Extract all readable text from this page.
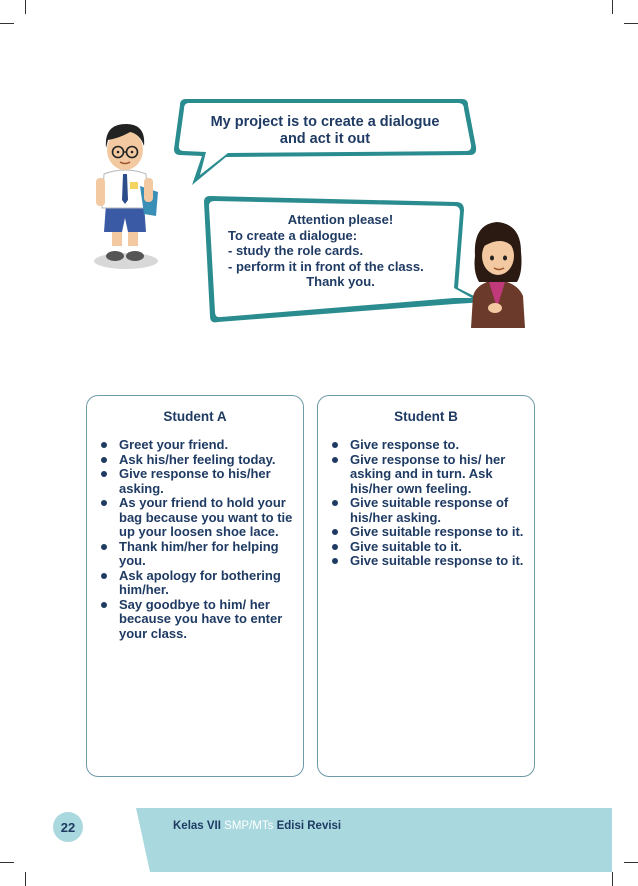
My project is to create a dialogue
and act it out
Attention please!
To create a dialogue:
- study the role cards.
- perform it in front of the class.
Thank you.
Student A
Greet your friend.
Ask his/her feeling today.
Give response to his/her asking.
As your friend to hold your bag because you want to tie up your loosen shoe lace.
Thank him/her for helping you.
Ask apology for bothering him/her.
Say goodbye to him/ her because you have to enter your class.
Student B
Give response to.
Give response to his/ her asking and in turn. Ask his/her own feeling.
Give suitable response of his/her asking.
Give suitable response to it.
Give suitable to it.
Give suitable response to it.
22	Kelas VII SMP/MTs Edisi Revisi
